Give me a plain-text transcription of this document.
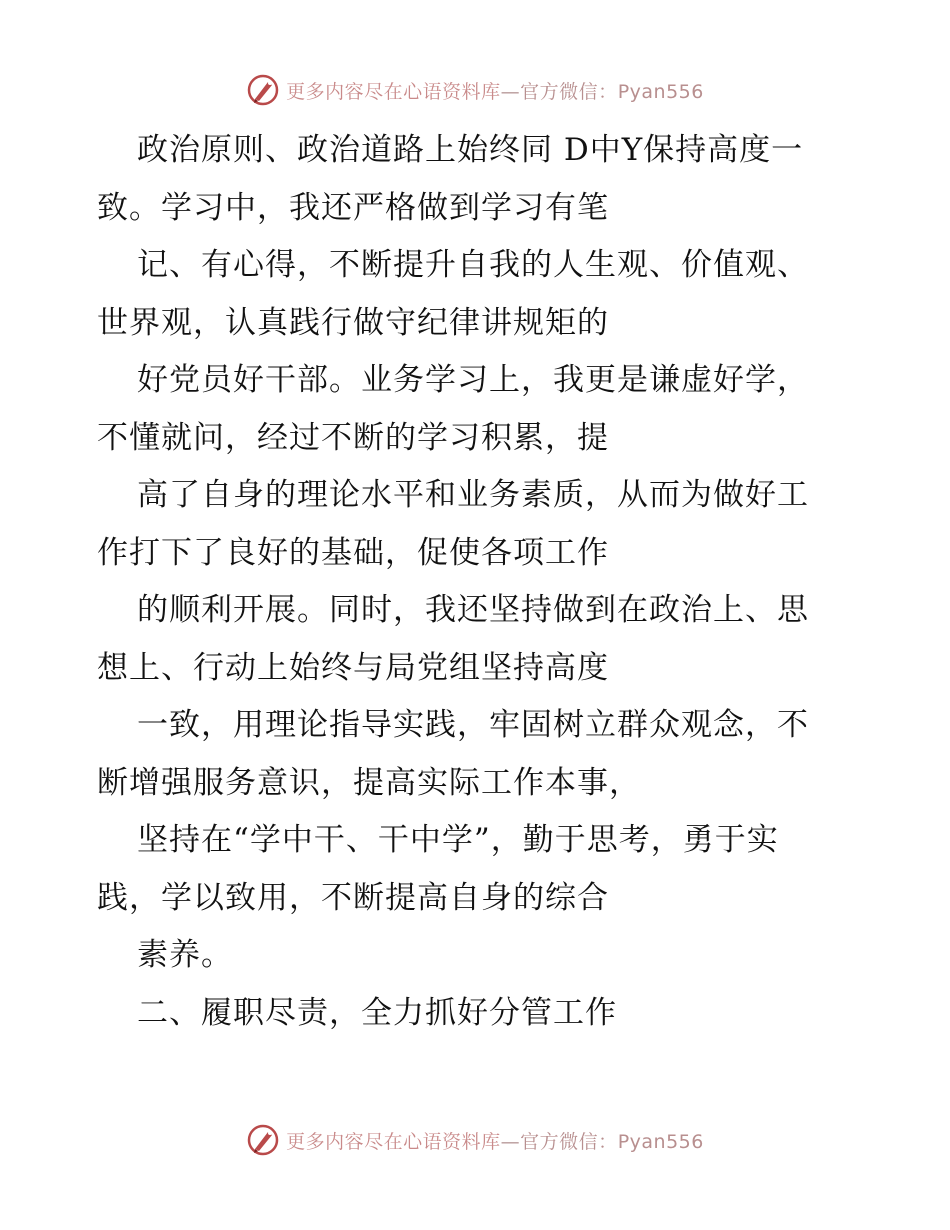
更多内容尽在心语资料库—官方微信：Pyan556
政治原则、政治道路上始终同 D中Y保持高度一
致。学习中，我还严格做到学习有笔
记、有心得，不断提升自我的人生观、价值观、
世界观，认真践行做守纪律讲规矩的
好党员好干部。业务学习上，我更是谦虚好学，
不懂就问，经过不断的学习积累，提
高了自身的理论水平和业务素质，从而为做好工
作打下了良好的基础，促使各项工作
的顺利开展。同时，我还坚持做到在政治上、思
想上、行动上始终与局党组坚持高度
一致，用理论指导实践，牢固树立群众观念，不
断增强服务意识，提高实际工作本事，
坚持在“学中干、干中学”，勤于思考，勇于实
践，学以致用，不断提高自身的综合
素养。
二、履职尽责，全力抓好分管工作
更多内容尽在心语资料库—官方微信：Pyan556
